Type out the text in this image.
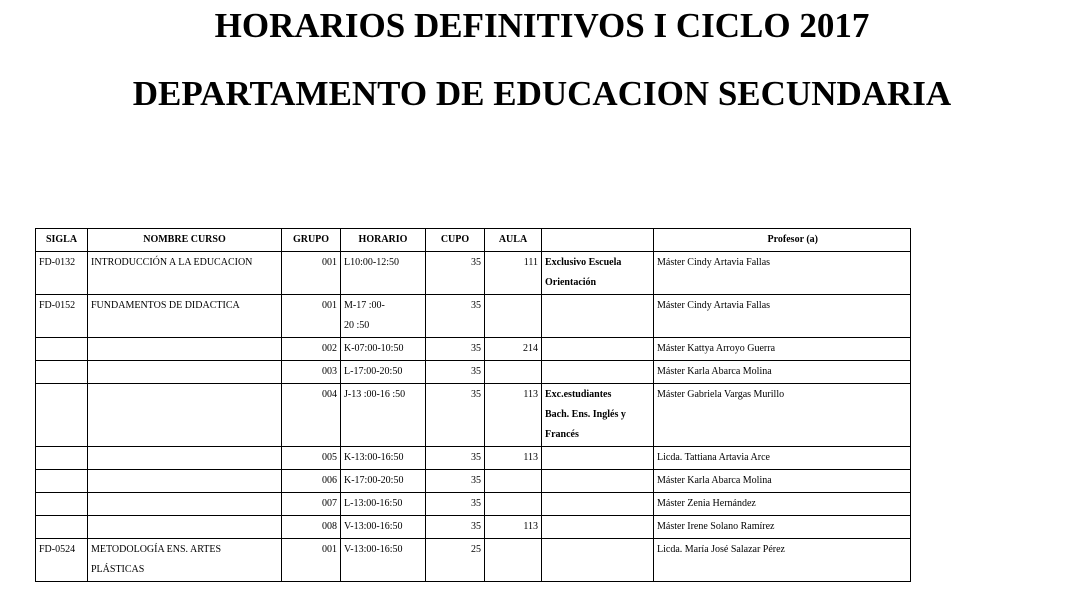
HORARIOS DEFINITIVOS I CICLO 2017
DEPARTAMENTO DE EDUCACION SECUNDARIA
SIGLA	NOMBRE CURSO	GRUPO	HORARIO	CUPO	AULA		Profesor (a)

FD-0132	INTRODUCCIÓN A LA EDUCACION	001	L10:00-12:50	35	111	Exclusivo Escuela
Orientación	Máster Cindy Artavia Fallas

FD-0152	FUNDAMENTOS DE DIDACTICA	001	M-17 :00-
20 :50	35			Máster Cindy Artavia Fallas

		002	K-07:00-10:50	35	214		Máster Kattya Arroyo Guerra

		003	L-17:00-20:50	35			Máster Karla Abarca Molina

		004	J-13 :00-16 :50	35	113	Exc.estudiantes
Bach. Ens. Inglés y
Francés	Máster Gabriela Vargas Murillo

		005	K-13:00-16:50	35	113		Licda. Tattiana Artavia Arce

		006	K-17:00-20:50	35			Máster Karla Abarca Molina

		007	L-13:00-16:50	35			Máster Zenia Hernández

		008	V-13:00-16:50	35	113		Máster Irene Solano Ramírez

FD-0524	METODOLOGÍA ENS. ARTES
PLÁSTICAS	001	V-13:00-16:50	25			Licda. María José Salazar Pérez
